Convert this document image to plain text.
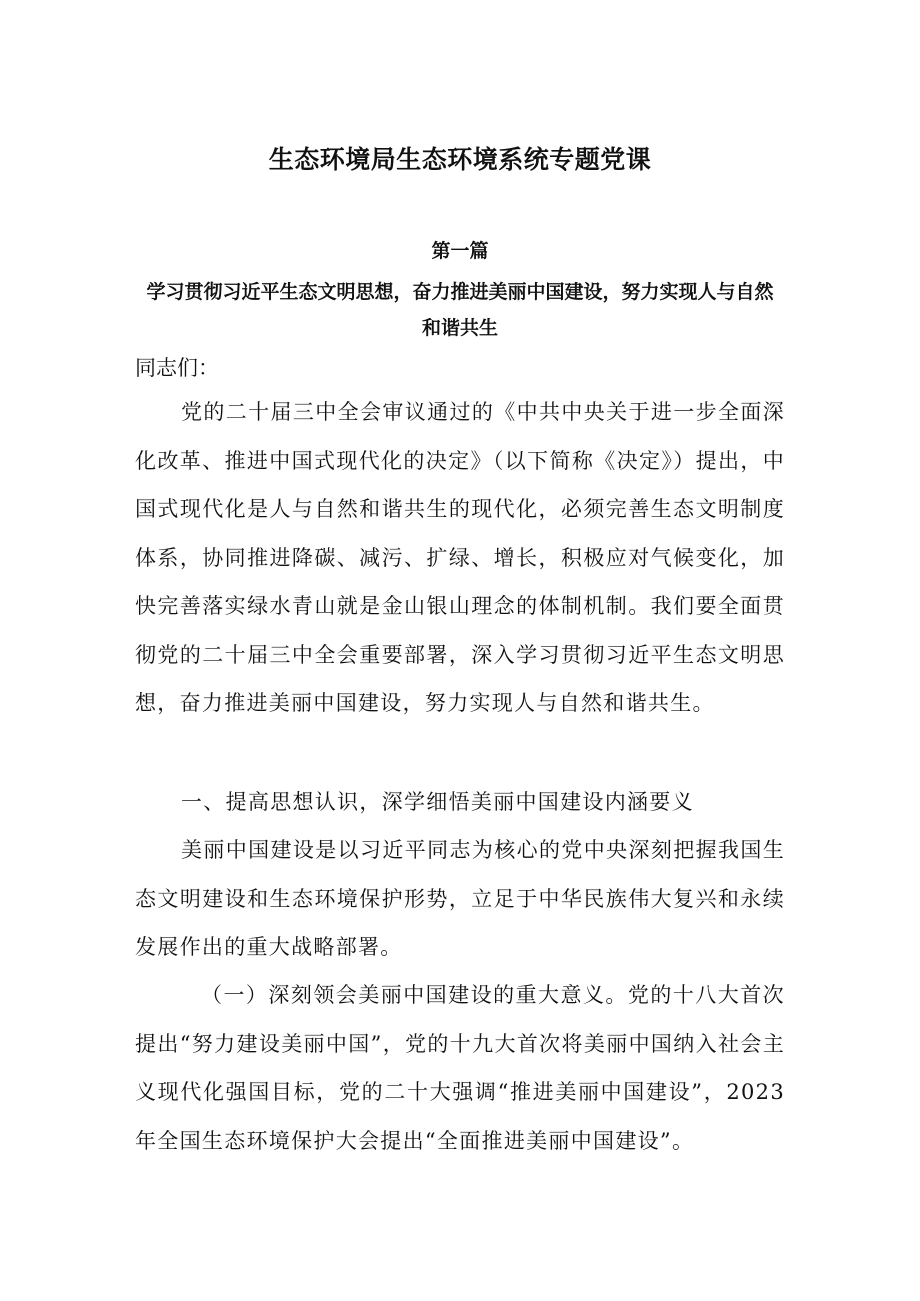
生态环境局生态环境系统专题党课
第一篇
学习贯彻习近平生态文明思想，奋力推进美丽中国建设，努力实现人与自然和谐共生
同志们：

党的二十届三中全会审议通过的《中共中央关于进一步全面深化改革、推进中国式现代化的决定》（以下简称《决定》）提出，中国式现代化是人与自然和谐共生的现代化，必须完善生态文明制度体系，协同推进降碳、减污、扩绿、增长，积极应对气候变化，加快完善落实绿水青山就是金山银山理念的体制机制。我们要全面贯彻党的二十届三中全会重要部署，深入学习贯彻习近平生态文明思想，奋力推进美丽中国建设，努力实现人与自然和谐共生。

一、提高思想认识，深学细悟美丽中国建设内涵要义

美丽中国建设是以习近平同志为核心的党中央深刻把握我国生态文明建设和生态环境保护形势，立足于中华民族伟大复兴和永续发展作出的重大战略部署。

（一）深刻领会美丽中国建设的重大意义。党的十八大首次提出“努力建设美丽中国”，党的十九大首次将美丽中国纳入社会主义现代化强国目标，党的二十大强调“推进美丽中国建设”，2023年全国生态环境保护大会提出“全面推进美丽中国建设”。
